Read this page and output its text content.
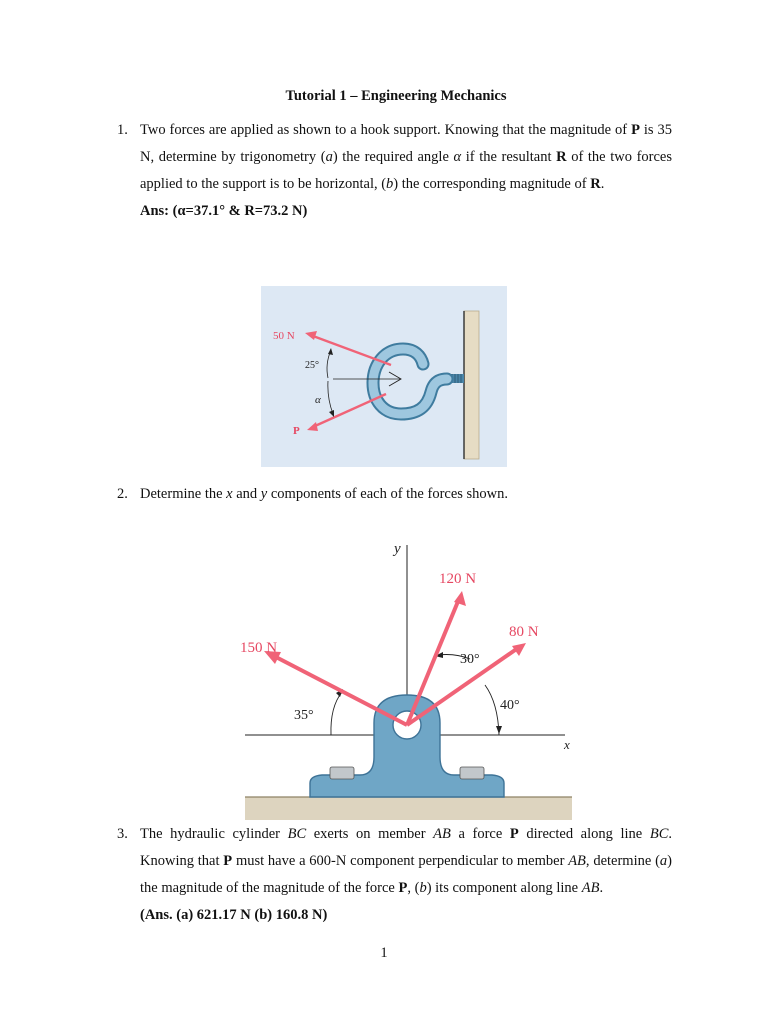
Tutorial 1 – Engineering Mechanics
1. Two forces are applied as shown to a hook support. Knowing that the magnitude of P is 35 N, determine by trigonometry (a) the required angle α if the resultant R of the two forces applied to the support is to be horizontal, (b) the corresponding magnitude of R.
Ans: (α=37.1° & R=73.2 N)
50 N
25°
α
P
2. Determine the x and y components of each of the forces shown.
y
x
120 N
80 N
150 N
30°
40°
35°
3. The hydraulic cylinder BC exerts on member AB a force P directed along line BC. Knowing that P must have a 600-N component perpendicular to member AB, determine (a) the magnitude of the magnitude of the force P, (b) its component along line AB.
(Ans. (a) 621.17 N (b) 160.8 N)
1
